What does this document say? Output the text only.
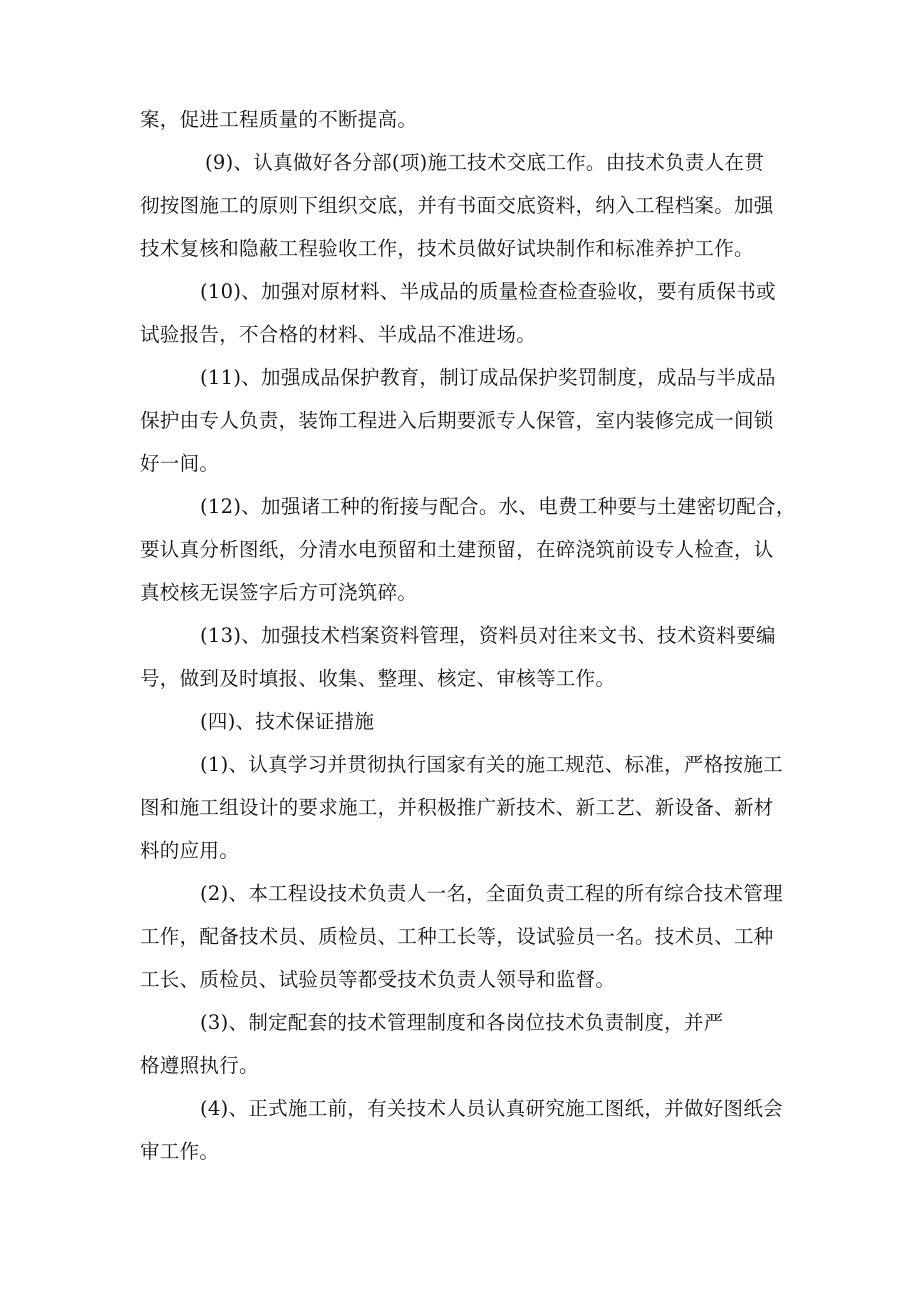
案，促进工程质量的不断提高。
(9)、认真做好各分部(项)施工技术交底工作。由技术负责人在贯
彻按图施工的原则下组织交底，并有书面交底资料，纳入工程档案。加强
技术复核和隐蔽工程验收工作，技术员做好试块制作和标准养护工作。
(10)、加强对原材料、半成品的质量检查检查验收，要有质保书或
试验报告，不合格的材料、半成品不准进场。
(11)、加强成品保护教育，制订成品保护奖罚制度，成品与半成品
保护由专人负责，装饰工程进入后期要派专人保管，室内装修完成一间锁
好一间。
(12)、加强诸工种的衔接与配合。水、电费工种要与土建密切配合，
要认真分析图纸，分清水电预留和土建预留，在碎浇筑前设专人检查，认
真校核无误签字后方可浇筑碎。
(13)、加强技术档案资料管理，资料员对往来文书、技术资料要编
号，做到及时填报、收集、整理、核定、审核等工作。
(四)、技术保证措施
(1)、认真学习并贯彻执行国家有关的施工规范、标准，严格按施工
图和施工组设计的要求施工，并积极推广新技术、新工艺、新设备、新材
料的应用。
(2)、本工程设技术负责人一名，全面负责工程的所有综合技术管理
工作，配备技术员、质检员、工种工长等，设试验员一名。技术员、工种
工长、质检员、试验员等都受技术负责人领导和监督。
(3)、制定配套的技术管理制度和各岗位技术负责制度，并严
格遵照执行。
(4)、正式施工前，有关技术人员认真研究施工图纸，并做好图纸会
审工作。
